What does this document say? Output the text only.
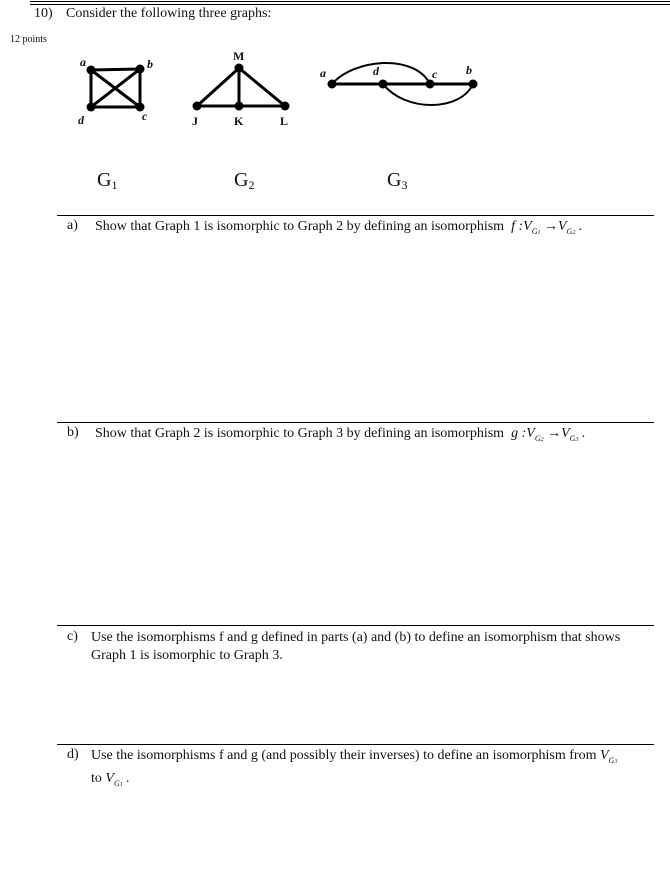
10) Consider the following three graphs:
12 points
a	b
c
d
M
J	K	L
a	d	c b
$G_1$	$G_2$	$G_3$
a) Show that Graph 1 is isomorphic to Graph 2 by defining an isomorphism f $:V_{G1} \to V_{G2}$ .
b) Show that Graph 2 is isomorphic to Graph 3 by defining an isomorphism g $:V_{G2} \to V_{G3}$ .
c) Use the isomorphisms f and g defined in parts (a) and (b) to define an isomorphism that shows
Graph 1 is isomorphic to Graph 3.
d) Use the isomorphisms f and g (and possibly their inverses) to define an isomorphism from $V_{G3}$
to $V_{G1}$ .
